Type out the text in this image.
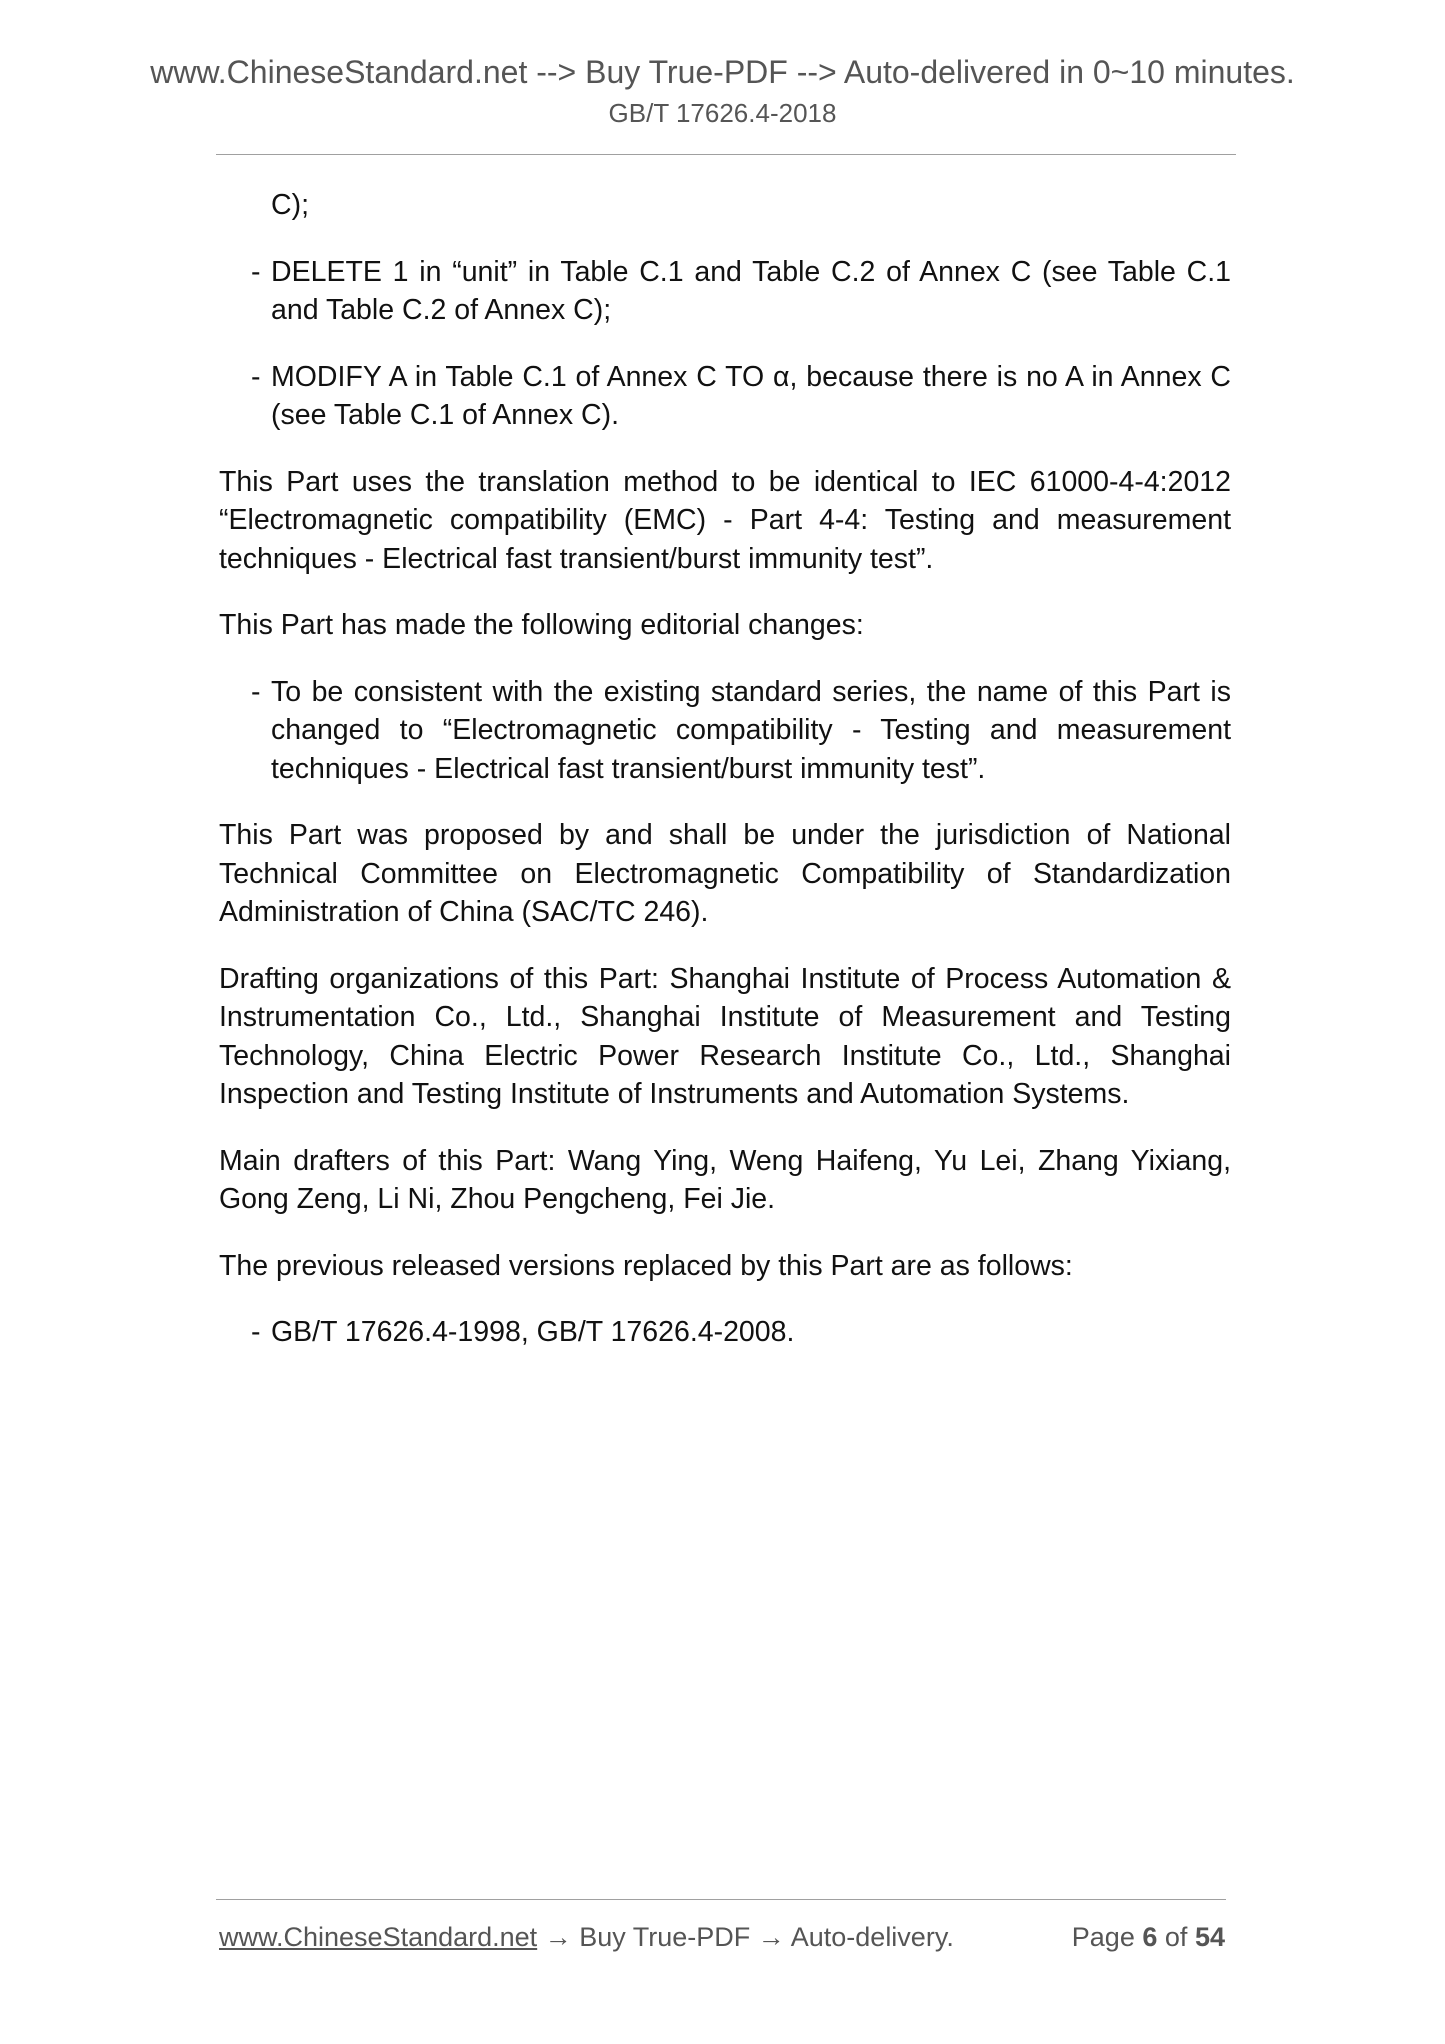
www.ChineseStandard.net --> Buy True-PDF --> Auto-delivered in 0~10 minutes.
GB/T 17626.4-2018

C);

- DELETE 1 in “unit” in Table C.1 and Table C.2 of Annex C (see Table C.1 and Table C.2 of Annex C);

- MODIFY A in Table C.1 of Annex C TO α, because there is no A in Annex C (see Table C.1 of Annex C).

This Part uses the translation method to be identical to IEC 61000-4-4:2012 “Electromagnetic compatibility (EMC) - Part 4-4: Testing and measurement techniques - Electrical fast transient/burst immunity test”.

This Part has made the following editorial changes:

- To be consistent with the existing standard series, the name of this Part is changed to “Electromagnetic compatibility - Testing and measurement techniques - Electrical fast transient/burst immunity test”.

This Part was proposed by and shall be under the jurisdiction of National Technical Committee on Electromagnetic Compatibility of Standardization Administration of China (SAC/TC 246).

Drafting organizations of this Part: Shanghai Institute of Process Automation & Instrumentation Co., Ltd., Shanghai Institute of Measurement and Testing Technology, China Electric Power Research Institute Co., Ltd., Shanghai Inspection and Testing Institute of Instruments and Automation Systems.

Main drafters of this Part: Wang Ying, Weng Haifeng, Yu Lei, Zhang Yixiang, Gong Zeng, Li Ni, Zhou Pengcheng, Fei Jie.

The previous released versions replaced by this Part are as follows:

- GB/T 17626.4-1998, GB/T 17626.4-2008.

www.ChineseStandard.net → Buy True-PDF → Auto-delivery.	Page 6 of 54
